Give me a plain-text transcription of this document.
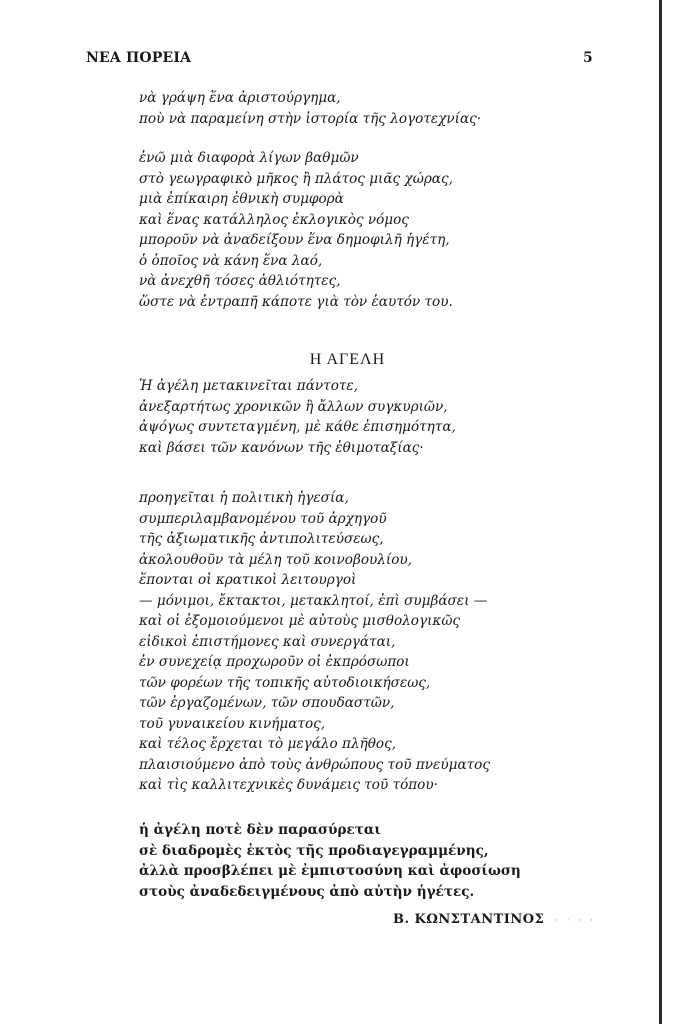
ΝΕΑ ΠΟΡΕΙΑ	5
νὰ γράψη ἕνα ἀριστούργημα,
ποὺ νὰ παραμείνη στὴν ἱστορία τῆς λογοτεχνίας·
ἐνῶ μιὰ διαφορὰ λίγων βαθμῶν
στὸ γεωγραφικὸ μῆκος ἢ πλάτος μιᾶς χώρας,
μιὰ ἐπίκαιρη ἐθνικὴ συμφορὰ
καὶ ἕνας κατάλληλος ἐκλογικὸς νόμος
μποροῦν νὰ ἀναδείξουν ἕνα δημοφιλῆ ἡγέτη,
ὁ ὁποῖος νὰ κάνη ἕνα λαό,
νὰ ἀνεχθῆ τόσες ἀθλιότητες,
ὥστε νὰ ἐντραπῆ κάποτε γιὰ τὸν ἑαυτόν του.
Η ΑΓΕΛΗ
Ἡ ἀγέλη μετακινεῖται πάντοτε,
ἀνεξαρτήτως χρονικῶν ἢ ἄλλων συγκυριῶν,
ἀψόγως συντεταγμένη, μὲ κάθε ἐπισημότητα,
καὶ βάσει τῶν κανόνων τῆς ἐθιμοταξίας·
προηγεῖται ἡ πολιτικὴ ἡγεσία,
συμπεριλαμβανομένου τοῦ ἀρχηγοῦ
τῆς ἀξιωματικῆς ἀντιπολιτεύσεως,
ἀκολουθοῦν τὰ μέλη τοῦ κοινοβουλίου,
ἕπονται οἱ κρατικοὶ λειτουργοὶ
— μόνιμοι, ἔκτακτοι, μετακλητοί, ἐπὶ συμβάσει —
καὶ οἱ ἐξομοιούμενοι μὲ αὐτοὺς μισθολογικῶς
εἰδικοὶ ἐπιστήμονες καὶ συνεργάται,
ἐν συνεχείᾳ προχωροῦν οἱ ἐκπρόσωποι
τῶν φορέων τῆς τοπικῆς αὐτοδιοικήσεως,
τῶν ἐργαζομένων, τῶν σπουδαστῶν,
τοῦ γυναικείου κινήματος,
καὶ τέλος ἔρχεται τὸ μεγάλο πλῆθος,
πλαισιούμενο ἀπὸ τοὺς ἀνθρώπους τοῦ πνεύματος
καὶ τὶς καλλιτεχνικὲς δυνάμεις τοῦ τόπου·
ἡ ἀγέλη ποτὲ δὲν παρασύρεται
σὲ διαδρομὲς ἐκτὸς τῆς προδιαγεγραμμένης,
ἀλλὰ προσβλέπει μὲ ἐμπιστοσύνη καὶ ἀφοσίωση
στοὺς ἀναδεδειγμένους ἀπὸ αὐτὴν ἡγέτες.
Β. ΚΩΝΣΤΑΝΤΙΝΟΣ · · · ·
